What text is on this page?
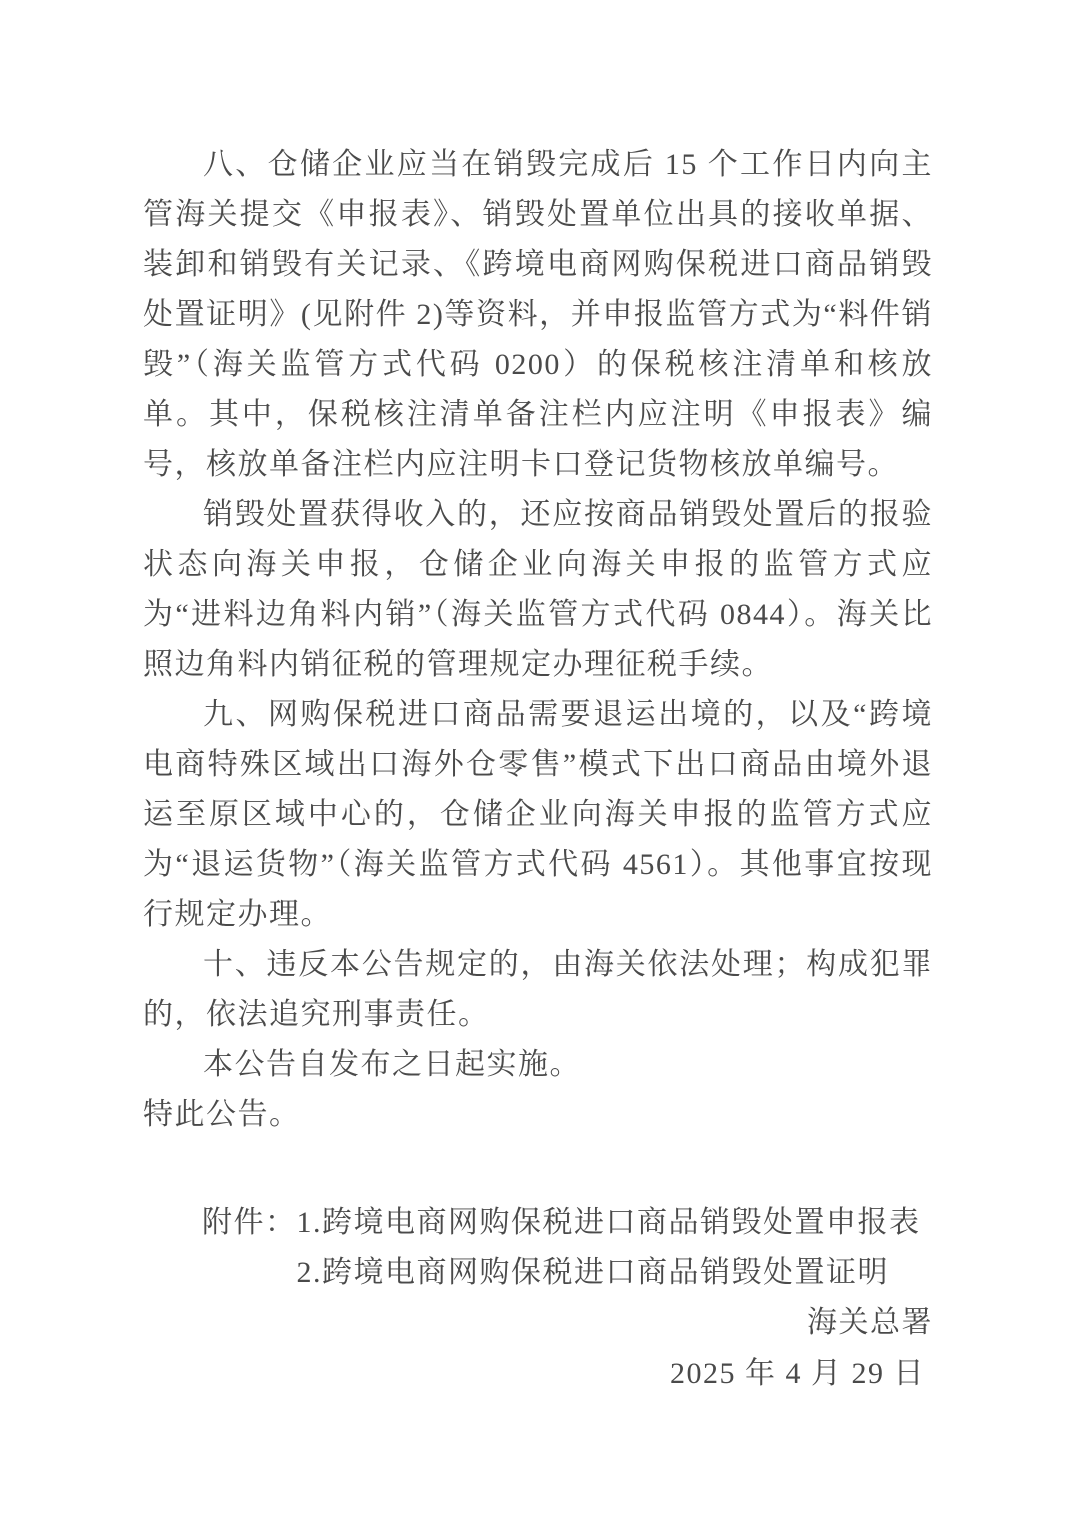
八、仓储企业应当在销毁完成后 15 个工作日内向主管海关提交《申报表》、销毁处置单位出具的接收单据、装卸和销毁有关记录、《跨境电商网购保税进口商品销毁处置证明》(见附件 2)等资料，并申报监管方式为“料件销毁”（海关监管方式代码 0200）的保税核注清单和核放单。其中，保税核注清单备注栏内应注明《申报表》编号，核放单备注栏内应注明卡口登记货物核放单编号。

销毁处置获得收入的，还应按商品销毁处置后的报验状态向海关申报，仓储企业向海关申报的监管方式应为“进料边角料内销”（海关监管方式代码 0844）。海关比照边角料内销征税的管理规定办理征税手续。

九、网购保税进口商品需要退运出境的，以及“跨境电商特殊区域出口海外仓零售”模式下出口商品由境外退运至原区域中心的，仓储企业向海关申报的监管方式应为“退运货物”（海关监管方式代码 4561）。其他事宜按现行规定办理。

十、违反本公告规定的，由海关依法处理；构成犯罪的，依法追究刑事责任。

本公告自发布之日起实施。

特此公告。

附件： 1.跨境电商网购保税进口商品销毁处置申报表
2.跨境电商网购保税进口商品销毁处置证明

海关总署

2025 年 4 月 29 日
